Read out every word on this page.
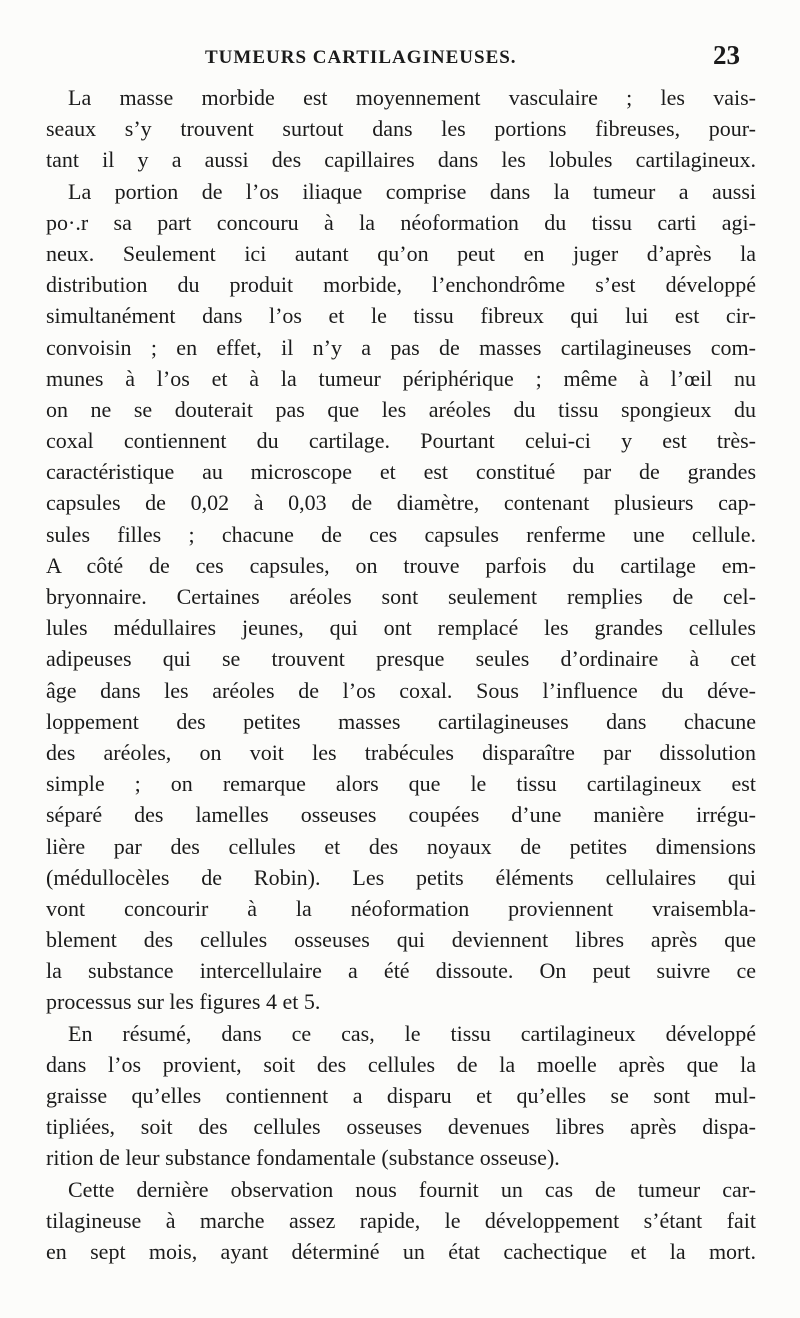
TUMEURS CARTILAGINEUSES.	23
La masse morbide est moyennement vasculaire ; les vais-
seaux s’y trouvent surtout dans les portions fibreuses, pour-
tant il y a aussi des capillaires dans les lobules cartilagineux.
La portion de l’os iliaque comprise dans la tumeur a aussi
po·.r sa part concouru à la néoformation du tissu carti agi-
neux. Seulement ici autant qu’on peut en juger d’après la
distribution du produit morbide, l’enchondrôme s’est développé
simultanément dans l’os et le tissu fibreux qui lui est cir-
convoisin ; en effet, il n’y a pas de masses cartilagineuses com-
munes à l’os et à la tumeur périphérique ; même à l’œil nu
on ne se douterait pas que les aréoles du tissu spongieux du
coxal contiennent du cartilage. Pourtant celui-ci y est très-
caractéristique au microscope et est constitué par de grandes
capsules de 0,02 à 0,03 de diamètre, contenant plusieurs cap-
sules filles ; chacune de ces capsules renferme une cellule.
A côté de ces capsules, on trouve parfois du cartilage em-
bryonnaire. Certaines aréoles sont seulement remplies de cel-
lules médullaires jeunes, qui ont remplacé les grandes cellules
adipeuses qui se trouvent presque seules d’ordinaire à cet
âge dans les aréoles de l’os coxal. Sous l’influence du déve-
loppement des petites masses cartilagineuses dans chacune
des aréoles, on voit les trabécules disparaître par dissolution
simple ; on remarque alors que le tissu cartilagineux est
séparé des lamelles osseuses coupées d’une manière irrégu-
lière par des cellules et des noyaux de petites dimensions
(médullocèles de Robin). Les petits éléments cellulaires qui
vont concourir à la néoformation proviennent vraisembla-
blement des cellules osseuses qui deviennent libres après que
la substance intercellulaire a été dissoute. On peut suivre ce
processus sur les figures 4 et 5.
En résumé, dans ce cas, le tissu cartilagineux développé
dans l’os provient, soit des cellules de la moelle après que la
graisse qu’elles contiennent a disparu et qu’elles se sont mul-
tipliées, soit des cellules osseuses devenues libres après dispa-
rition de leur substance fondamentale (substance osseuse).
Cette dernière observation nous fournit un cas de tumeur car-
tilagineuse à marche assez rapide, le développement s’étant fait
en sept mois, ayant déterminé un état cachectique et la mort.
